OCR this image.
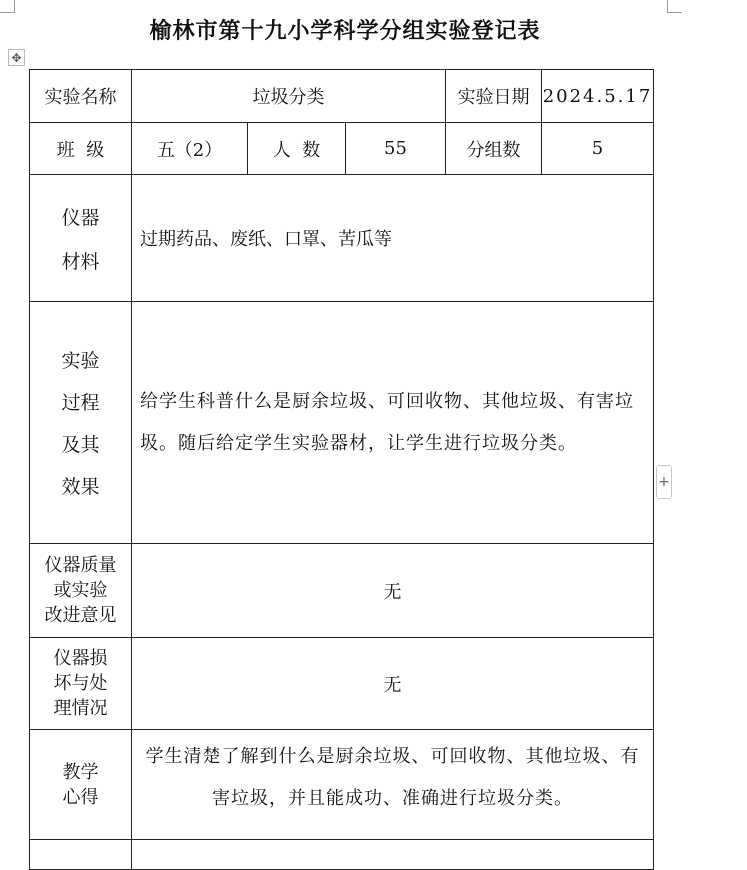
✥
+
榆林市第十九小学科学分组实验登记表
实验名称	垃圾分类			实验日期	2024.5.17
班  级	五（2）	人  数	55	分组数	5

仪器
材料	过期药品、废纸、口罩、苦瓜等				

实验
过程
及其
效果	给学生科普什么是厨余垃圾、可回收物、其他垃圾、有害垃圾。随后给定学生实验器材，让学生进行垃圾分类。				

仪器质量
或实验
改进意见	无				

仪器损
坏与处
理情况	无				

教学
心得	学生清楚了解到什么是厨余垃圾、可回收物、其他垃圾、有害垃圾，并且能成功、准确进行垃圾分类。				
